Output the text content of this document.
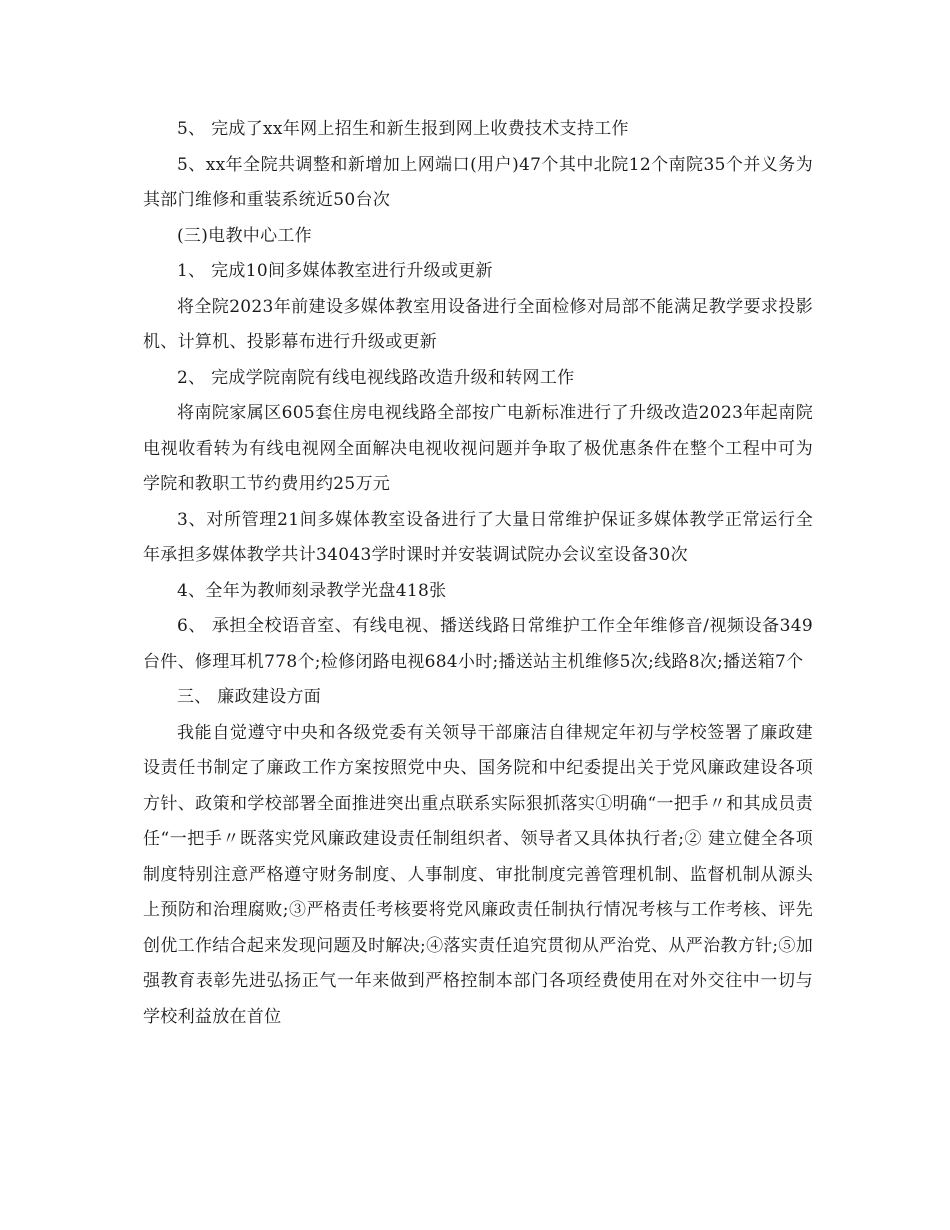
5、 完成了xx年网上招生和新生报到网上收费技术支持工作

5、xx年全院共调整和新增加上网端口(用户)47个其中北院12个南院35个并义务为其部门维修和重装系统近50台次

(三)电教中心工作

1、 完成10间多媒体教室进行升级或更新

将全院2023年前建设多媒体教室用设备进行全面检修对局部不能满足教学要求投影机、计算机、投影幕布进行升级或更新

2、 完成学院南院有线电视线路改造升级和转网工作

将南院家属区605套住房电视线路全部按广电新标准进行了升级改造2023年起南院电视收看转为有线电视网全面解决电视收视问题并争取了极优惠条件在整个工程中可为学院和教职工节约费用约25万元

3、对所管理21间多媒体教室设备进行了大量日常维护保证多媒体教学正常运行全年承担多媒体教学共计34043学时课时并安装调试院办会议室设备30次

4、全年为教师刻录教学光盘418张

6、 承担全校语音室、有线电视、播送线路日常维护工作全年维修音/视频设备349台件、修理耳机778个;检修闭路电视684小时;播送站主机维修5次;线路8次;播送箱7个

三、 廉政建设方面

我能自觉遵守中央和各级党委有关领导干部廉洁自律规定年初与学校签署了廉政建设责任书制定了廉政工作方案按照党中央、国务院和中纪委提出关于党风廉政建设各项方针、政策和学校部署全面推进突出重点联系实际狠抓落实①明确“一把手〃和其成员责任“一把手〃既落实党风廉政建设责任制组织者、领导者又具体执行者;② 建立健全各项制度特别注意严格遵守财务制度、人事制度、审批制度完善管理机制、监督机制从源头上预防和治理腐败;③严格责任考核要将党风廉政责任制执行情况考核与工作考核、评先创优工作结合起来发现问题及时解决;④落实责任追究贯彻从严治党、从严治教方针;⑤加强教育表彰先进弘扬正气一年来做到严格控制本部门各项经费使用在对外交往中一切与学校利益放在首位
